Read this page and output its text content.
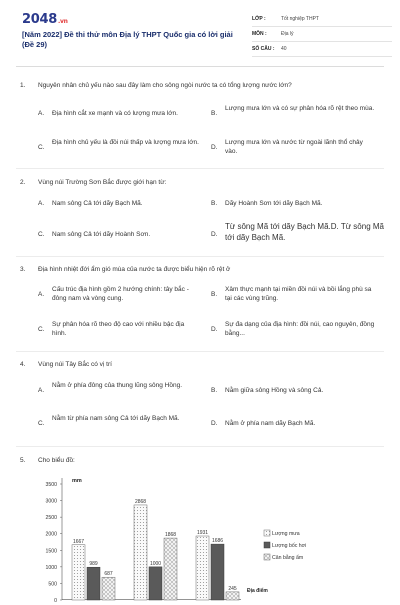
2048.vn
[Năm 2022] Đề thi thử môn Địa lý THPT Quốc gia có lời giải (Đề 29)
LỚP :	Tốt nghiệp THPT
MÔN :	Địa lý
SỐ CÂU :	40
1.	Nguyên nhân chủ yếu nào sau đây làm cho sông ngòi nước ta có tổng lượng nước lớn?
A.	Địa hình cắt xe mạnh và có lượng mưa lớn.	B.
Lượng mưa lớn và có sự phân hóa rõ rệt theo mùa.
C.
Địa hình chủ yếu là đồi núi thấp và lượng mưa lớn.
D.
Lượng mưa lớn và nước từ ngoài lãnh thổ chảy vào.
2.	Vùng núi Trường Sơn Bắc được giới hạn từ:
A.	Nam sông Cả tới dãy Bạch Mã.	B.	Dãy Hoành Sơn tới dãy Bạch Mã.
C.	Nam sông Cả tới dãy Hoành Sơn.	D.
Từ sông Mã tới dãy Bạch Mã.D. Từ sông Mã tới dãy Bạch Mã.
3.	Địa hình nhiệt đới ẩm gió mùa của nước ta được biểu hiện rõ rệt ở
A.
Cấu trúc địa hình gồm 2 hướng chính: tây bắc - đông nam và vòng cung.
B.
Xâm thực mạnh tại miền đồi núi và bồi lắng phù sa tại các vùng trũng.
C.
Sự phân hóa rõ theo độ cao với nhiều bậc địa hình.
D.
Sự đa dạng của địa hình: đồi núi, cao nguyên, đồng bằng...
4.	Vùng núi Tây Bắc có vị trí
A.
Nằm ở phía đông của thung lũng sông Hồng.
B.	Nằm giữa sông Hồng và sông Cả.
C.
Nằm từ phía nam sông Cả tới dãy Bạch Mã.
D.	Nằm ở phía nam dãy Bạch Mã.
5.	Cho biểu đồ:
0
500
1000
1500
2000
2500
3000
3500
mm
1667
2868
1931
989	1000
1686
687
1868
245 Địa điểm
Lượng mưa
Lượng bốc hơi
Cân bằng ẩm
